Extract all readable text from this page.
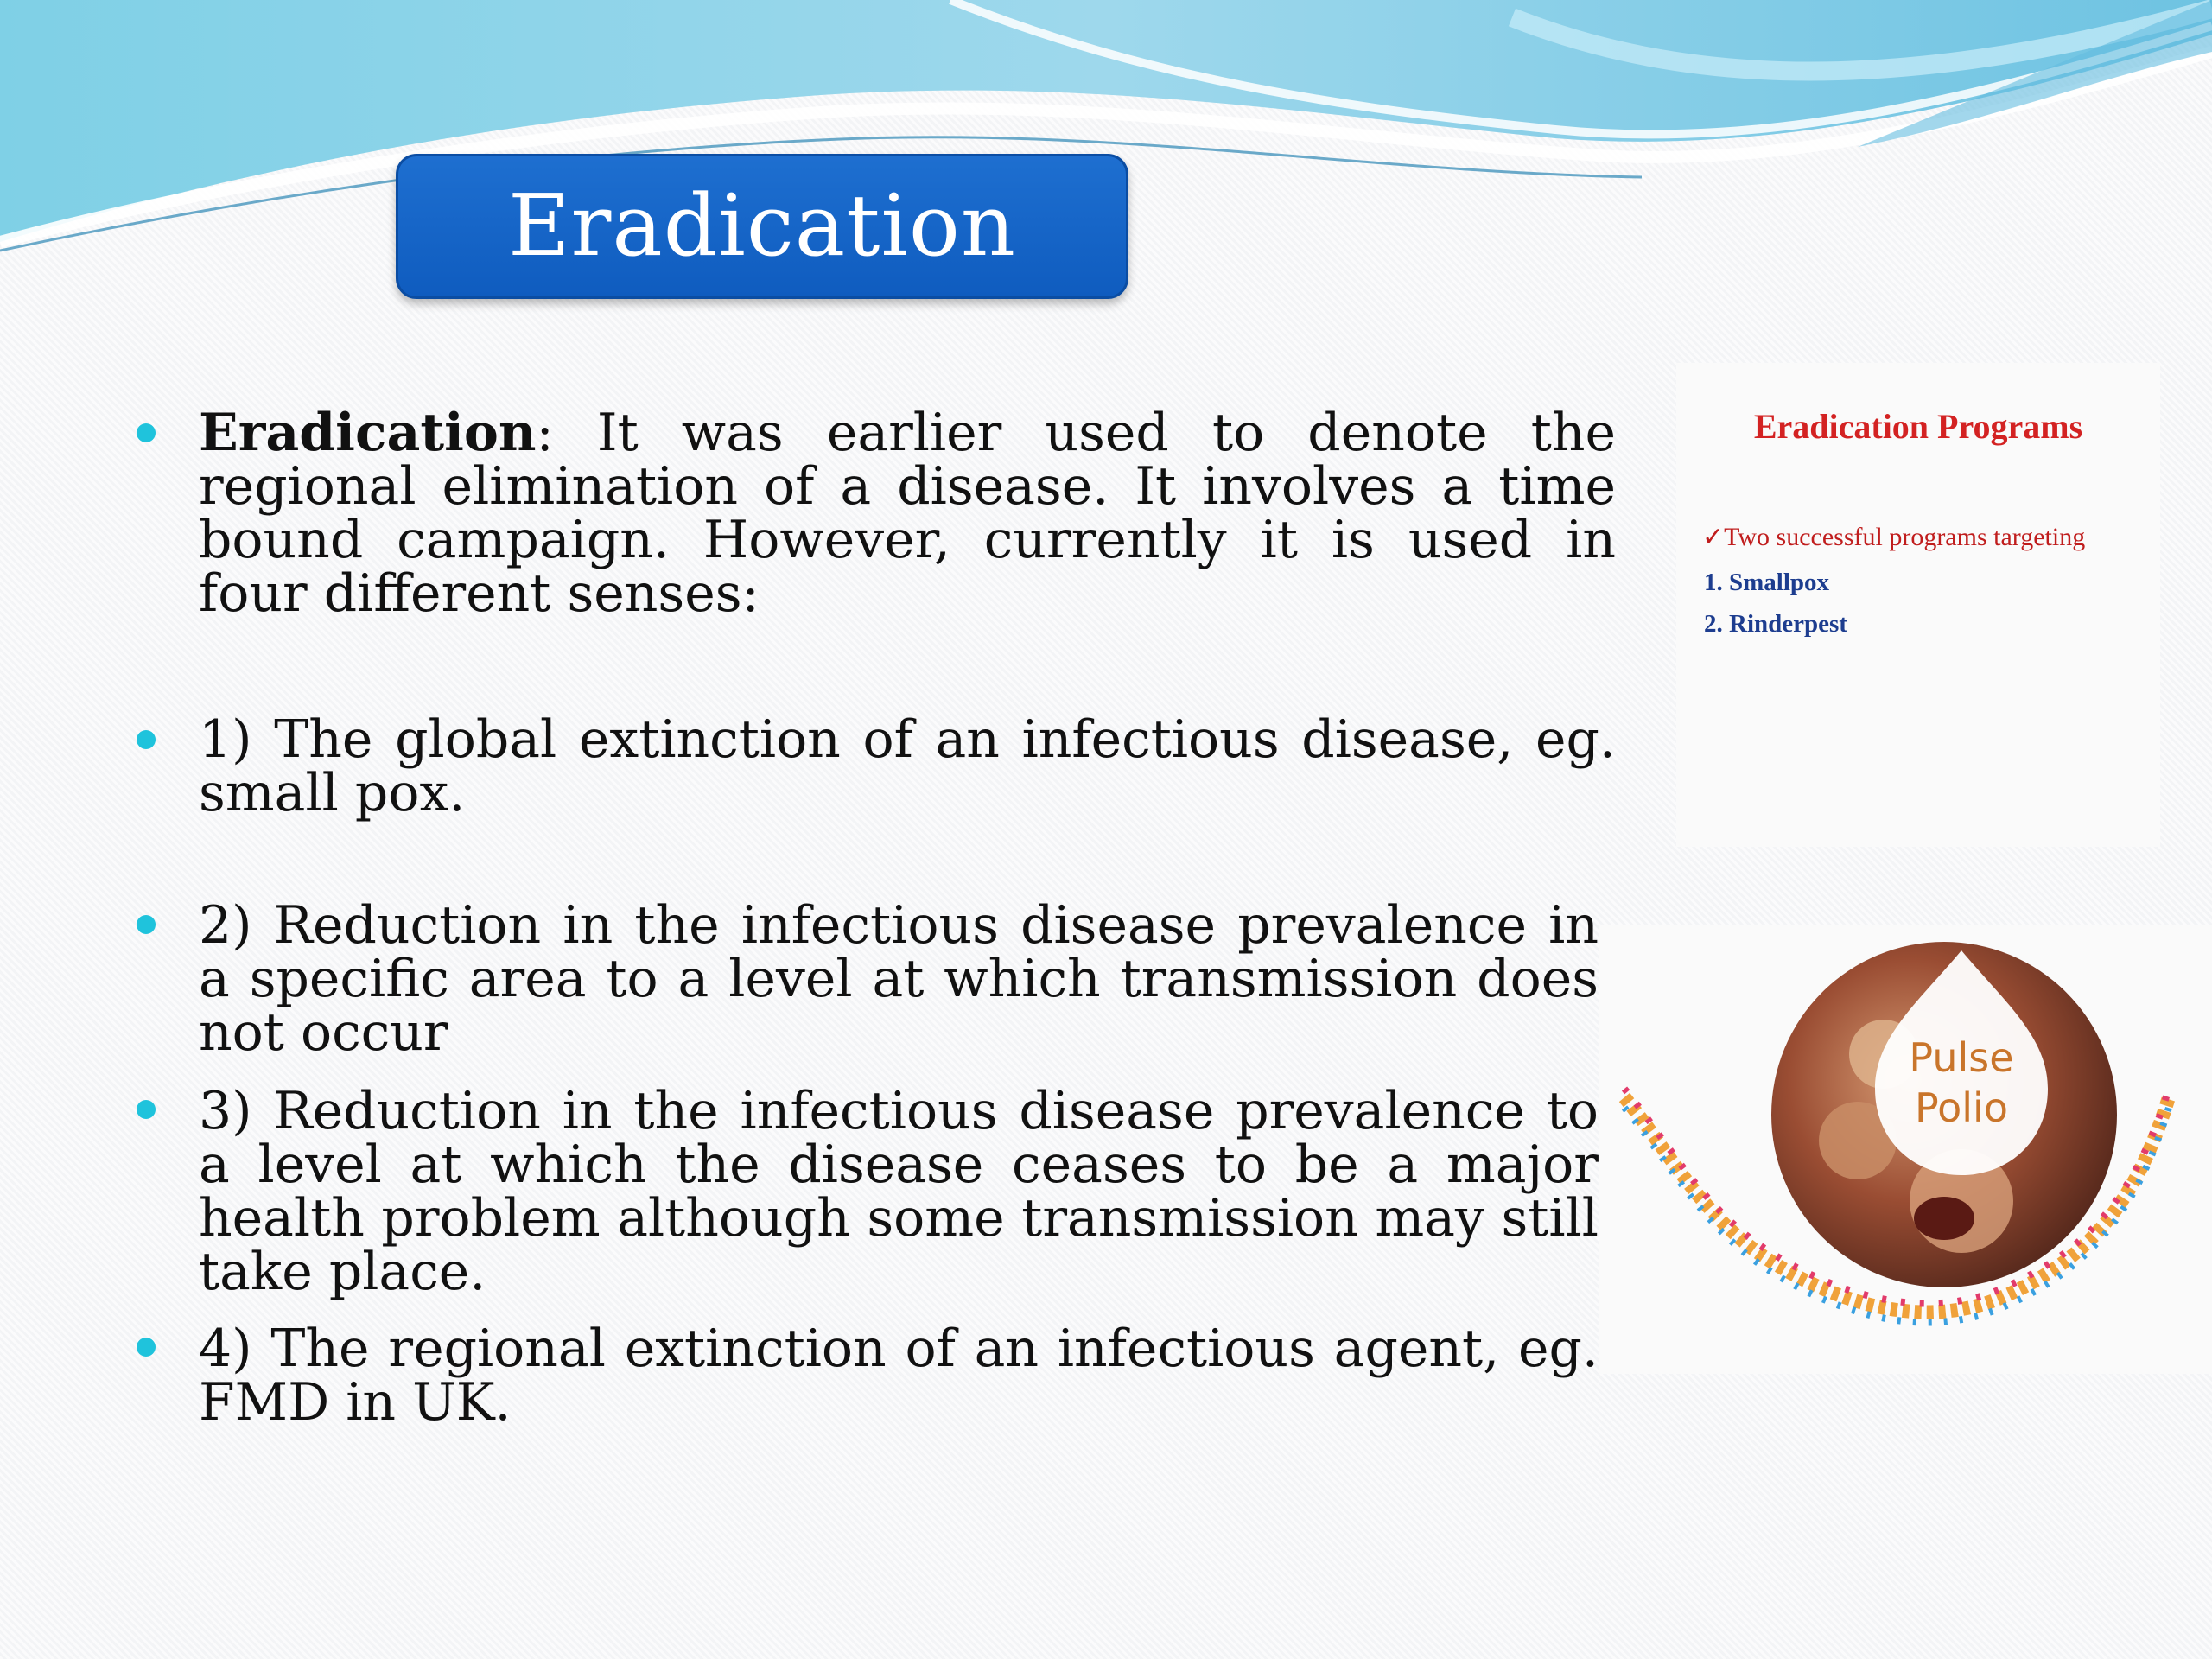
Eradication
Eradication: It was earlier used to denote the regional elimination of a disease. It involves a time bound campaign. However, currently it is used in four different senses:
1) The global extinction of an infectious disease, eg. small pox.
2) Reduction in the infectious disease prevalence in a specific area to a level at which transmission does not occur
3) Reduction in the infectious disease prevalence to a level at which the disease ceases to be a major health problem although some transmission may still take place.
4) The regional extinction of an infectious agent, eg. FMD in UK.
Eradication Programs
✓Two successful programs targeting
1. Smallpox
2. Rinderpest
Pulse
Polio
